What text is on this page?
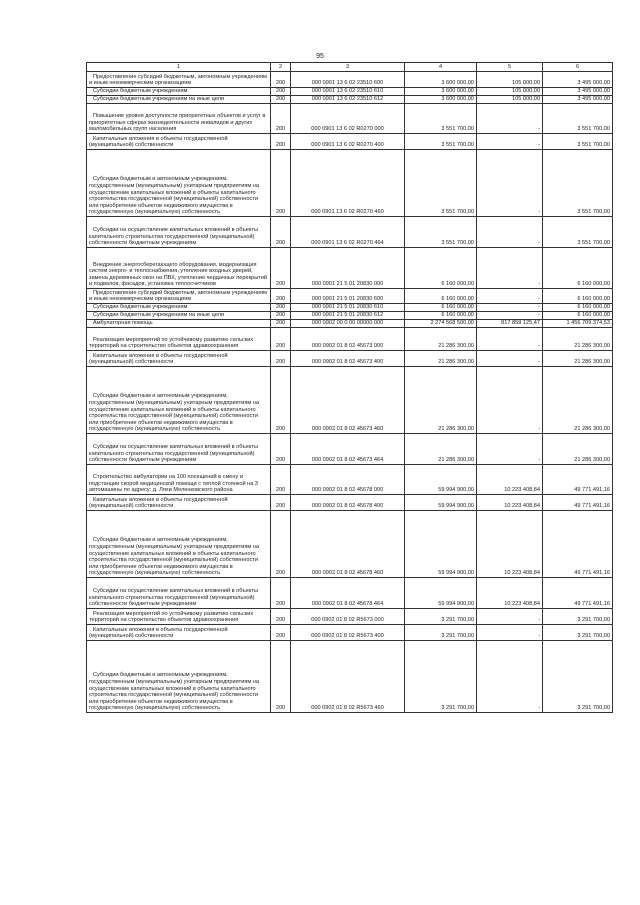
95
1	2	3	4	5	6
Предоставление субсидий бюджетным, автономным учреждениям и иным некоммерческим организациям	200	000 0901 13 6 02 23510 600	3 600 000,00	105 000,00	3 495 000,00
Субсидии бюджетным учреждениям	200	000 0901 13 6 02 23510 610	3 600 000,00	105 000,00	3 495 000,00
Субсидии бюджетным учреждениям на иные цели	200	000 0901 13 6 02 23510 612	3 600 000,00	105 000,00	3 495 000,00
Повышение уровня доступности приоритетных объектов и услуг в приоритетных сферах жизнедеятельности инвалидов и других маломобильных групп населения	200	000 0901 13 6 02 R0270 000	3 551 700,00	-	3 551 700,00
Капитальные вложения в объекты государственной (муниципальной) собственности	200	000 0901 13 6 02 R0270 400	3 551 700,00	-	3 551 700,00
Субсидии бюджетным и автономным учреждениям, государственным (муниципальным) унитарным предприятиям на осуществление капитальных вложений в объекты капитального строительства государственной (муниципальной) собственности или приобретение объектов недвижимого имущества в государственную (муниципальную) собственность	200	000 0901 13 6 02 R0270 460	3 551 700,00	-	3 551 700,00
Субсидии на осуществление капитальных вложений в объекты капитального строительства государственной (муниципальной) собственности бюджетным учреждениям	200	000 0901 13 6 02 R0270 464	3 551 700,00	-	3 551 700,00
Внедрение энергосберегающего оборудования, модернизация систем энерго- и теплоснабжения, утепление входных дверей, замена деревянных окон на ПВХ, утепление чердачных перекрытий и подвалов, фасадов, установка теплосчетчиков	200	000 0901 21 5 01 20830 000	6 160 000,00	-	6 160 000,00
Предоставление субсидий бюджетным, автономным учреждениям и иным некоммерческим организациям	200	000 0901 21 5 01 20830 600	6 160 000,00	-	6 160 000,00
Субсидии бюджетным учреждениям	200	000 0901 21 5 01 20830 610	6 160 000,00	-	6 160 000,00
Субсидии бюджетным учреждениям на иные цели	200	000 0901 21 5 01 20830 612	6 160 000,00	-	6 160 000,00
Амбулаторная помощь	200	000 0902 00 0 00 00000 000	2 274 568 500,00	817 859 125,47	1 456 709 374,53
Реализация мероприятий по устойчивому развитию сельских территорий на строительство объектов здравоохранения	200	000 0902 01 8 02 45673 000	21 286 300,00	-	21 286 300,00
Капитальные вложения в объекты государственной (муниципальной) собственности	200	000 0902 01 8 02 45673 400	21 286 300,00	-	21 286 300,00
Субсидии бюджетным и автономным учреждениям, государственным (муниципальным) унитарным предприятиям на осуществление капитальных вложений в объекты капитального строительства государственной (муниципальной) собственности или приобретение объектов недвижимого имущества в государственную (муниципальную) собственность	200	000 0902 01 8 02 45673 460	21 286 300,00	-	21 286 300,00
Субсидии на осуществление капитальных вложений в объекты капитального строительства государственной (муниципальной) собственности бюджетным учреждениям	200	000 0902 01 8 02 45673 464	21 286 300,00	-	21 286 300,00
Строительство амбулатории на 100 посещений в смену и подстанции скорой медицинской помощи с теплой стоянкой на 3 автомашины по адресу: д. Ляхи Меленковского района	200	000 0902 01 8 02 45678 000	59 994 900,00	10 223 408,84	49 771 491,16
Капитальные вложения в объекты государственной (муниципальной) собственности	200	000 0902 01 8 02 45678 400	59 994 900,00	10 223 408,84	49 771 491,16
Субсидии бюджетным и автономным учреждениям, государственным (муниципальным) унитарным предприятиям на осуществление капитальных вложений в объекты капитального строительства государственной (муниципальной) собственности или приобретение объектов недвижимого имущества в государственную (муниципальную) собственность	200	000 0902 01 8 02 45678 460	59 994 900,00	10 223 408,84	49 771 491,16
Субсидии на осуществление капитальных вложений в объекты капитального строительства государственной (муниципальной) собственности бюджетным учреждениям	200	000 0902 01 8 02 45678 464	59 994 900,00	10 223 408,84	49 771 491,16
Реализация мероприятий по устойчивому развитию сельских территорий на строительство объектов здравоохранения	200	000 0902 01 8 02 R5673 000	3 291 700,00	-	3 291 700,00
Капитальные вложения в объекты государственной (муниципальной) собственности	200	000 0902 01 8 02 R5673 400	3 291 700,00	-	3 291 700,00
Субсидии бюджетным и автономным учреждениям, государственным (муниципальным) унитарным предприятиям на осуществление капитальных вложений в объекты капитального строительства государственной (муниципальной) собственности или приобретение объектов недвижимого имущества в государственную (муниципальную) собственность	200	000 0902 01 8 02 R5673 460	3 291 700,00	-	3 291 700,00
